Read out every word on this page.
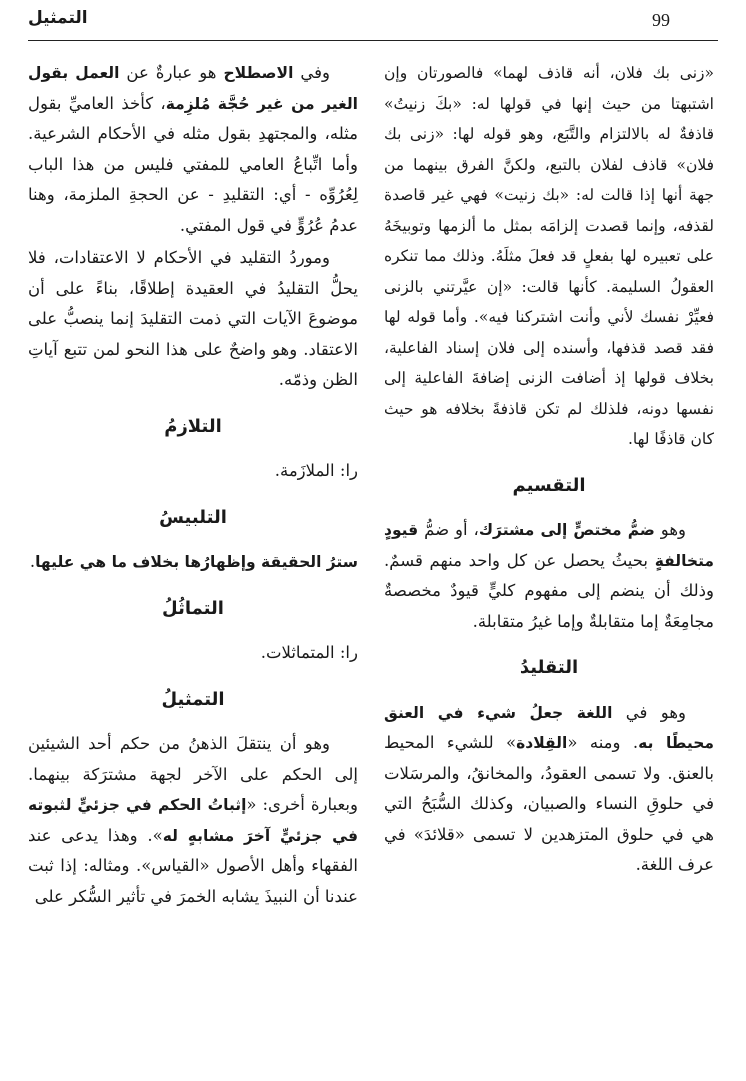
99
التمثيل

«زنى بك فلان، أنه قاذف لهما» فالصورتان وإن اشتبهتا من حيث إنها في قولها له: «بكَ زنيتُ» قاذفةٌ له بالالتزام والتَّبَع، وهو قوله لها: «زنى بك فلان» قاذف لفلان بالتبع، ولكنَّ الفرق بينهما من جهة أنها إذا قالت له: «بك زنيت» فهي غير قاصدة لقذفه، وإنما قصدت إلزامَه بمثل ما ألزمها وتوبيخَهُ على تعبيره لها بفعلٍ قد فعلَ مثلَهُ. وذلك مما تنكره العقولُ السليمة. كأنها قالت: «إن عيَّرتني بالزنى فعيِّرْ نفسك لأني وأنت اشتركنا فيه». وأما قوله لها فقد قصد قذفها، وأسنده إلى فلان إسناد الفاعلية، بخلاف قولها إذ أضافت الزنى إضافةَ الفاعلية إلى نفسها دونه، فلذلك لم تكن قاذفةً بخلافه هو حيث كان قاذفًا لها.

التقسيم

وهو ضمُّ مختصٍّ إلى مشترَك، أو ضمُّ قيودٍ متخالفةٍ بحيثُ يحصل عن كل واحد منهم قسمٌ. وذلك أن ينضم إلى مفهوم كليٍّ قيودٌ مخصصةٌ مجامِعَةٌ إما متقابلةٌ وإما غيرُ متقابلة.

التقليدُ

وهو في اللغة جعلُ شيء في العنق محيطًا به. ومنه «القِلادة» للشيء المحيط بالعنق. ولا تسمى العقودُ، والمخانقُ، والمرسَلات في حلوقِ النساء والصبيان، وكذلك السُّبَحُ التي هي في حلوق المتزهدين لا تسمى «قلائدَ» في عرف اللغة.

وفي الاصطلاح هو عبارةٌ عن العمل بقول الغير من غير حُجَّة مُلزِمة، كأخذ العاميِّ بقول مثله، والمجتهدِ بقول مثله في الأحكام الشرعية. وأما اتِّباعُ العامي للمفتي فليس من هذا الباب لِعُرُوِّه - أي: التقليدِ - عن الحجةِ الملزمة، وهنا عدمُ عُرُوٍّ في قول المفتي.

وموردُ التقليد في الأحكام لا الاعتقادات، فلا يحلُّ التقليدُ في العقيدة إطلاقًا، بناءً على أن موضوعَ الآيات التي ذمت التقليدَ إنما ينصبُّ على الاعتقاد. وهو واضحٌ على هذا النحو لمن تتبع آياتِ الظن وذمّه.

التلازمُ

را: الملازَمة.

التلبيسُ

سترُ الحقيقة وإظهارُها بخلاف ما هي عليها.

التماثُلُ

را: المتماثلات.

التمثيلُ

وهو أن ينتقلَ الذهنُ من حكم أحد الشيئين إلى الحكم على الآخر لجهة مشترَكة بينهما. وبعبارة أخرى: «إثباتُ الحكم في جزئيٍّ لثبوته في جزئيٍّ آخرَ مشابهٍ له». وهذا يدعى عند الفقهاء وأهل الأصول «القياس». ومثاله: إذا ثبت عندنا أن النبيذَ يشابه الخمرَ في تأثير السُّكر على
